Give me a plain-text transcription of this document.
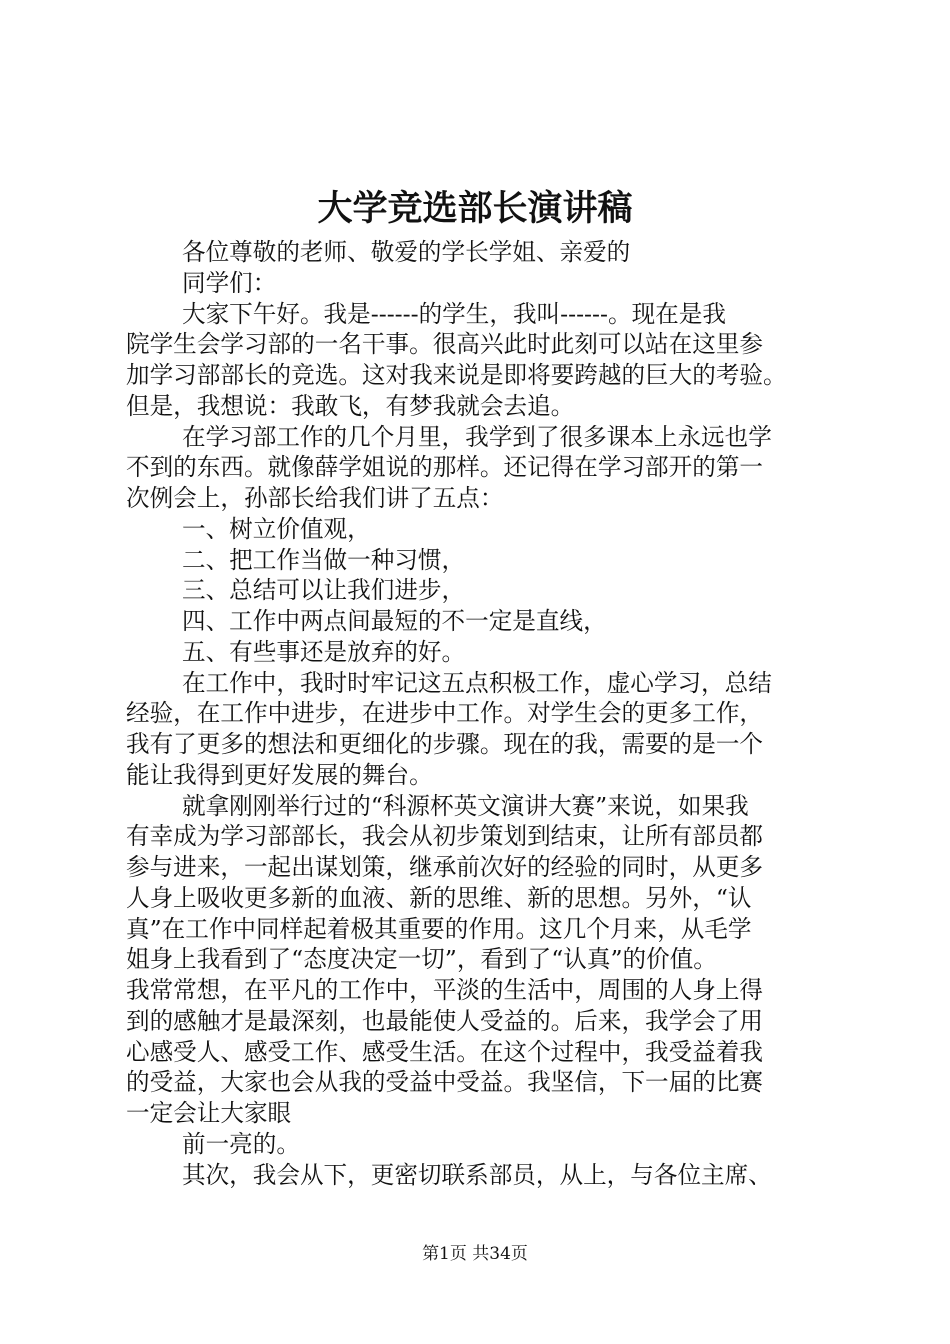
大学竞选部长演讲稿
各位尊敬的老师、敬爱的学长学姐、亲爱的
同学们：
大家下午好。我是------的学生，我叫------。现在是我
院学生会学习部的一名干事。很高兴此时此刻可以站在这里参
加学习部部长的竞选。这对我来说是即将要跨越的巨大的考验。
但是，我想说：我敢飞，有梦我就会去追。
在学习部工作的几个月里，我学到了很多课本上永远也学
不到的东西。就像薛学姐说的那样。还记得在学习部开的第一
次例会上，孙部长给我们讲了五点：
一、树立价值观，
二、把工作当做一种习惯，
三、总结可以让我们进步，
四、工作中两点间最短的不一定是直线，
五、有些事还是放弃的好。
在工作中，我时时牢记这五点积极工作，虚心学习，总结
经验，在工作中进步，在进步中工作。对学生会的更多工作，
我有了更多的想法和更细化的步骤。现在的我，需要的是一个
能让我得到更好发展的舞台。
就拿刚刚举行过的“科源杯英文演讲大赛”来说，如果我
有幸成为学习部部长，我会从初步策划到结束，让所有部员都
参与进来，一起出谋划策，继承前次好的经验的同时，从更多
人身上吸收更多新的血液、新的思维、新的思想。另外，“认
真”在工作中同样起着极其重要的作用。这几个月来，从毛学
姐身上我看到了“态度决定一切”，看到了“认真”的价值。
我常常想，在平凡的工作中，平淡的生活中，周围的人身上得
到的感触才是最深刻，也最能使人受益的。后来，我学会了用
心感受人、感受工作、感受生活。在这个过程中，我受益着我
的受益，大家也会从我的受益中受益。我坚信，下一届的比赛
一定会让大家眼
前一亮的。
其次，我会从下，更密切联系部员，从上，与各位主席、
第1页 共34页
